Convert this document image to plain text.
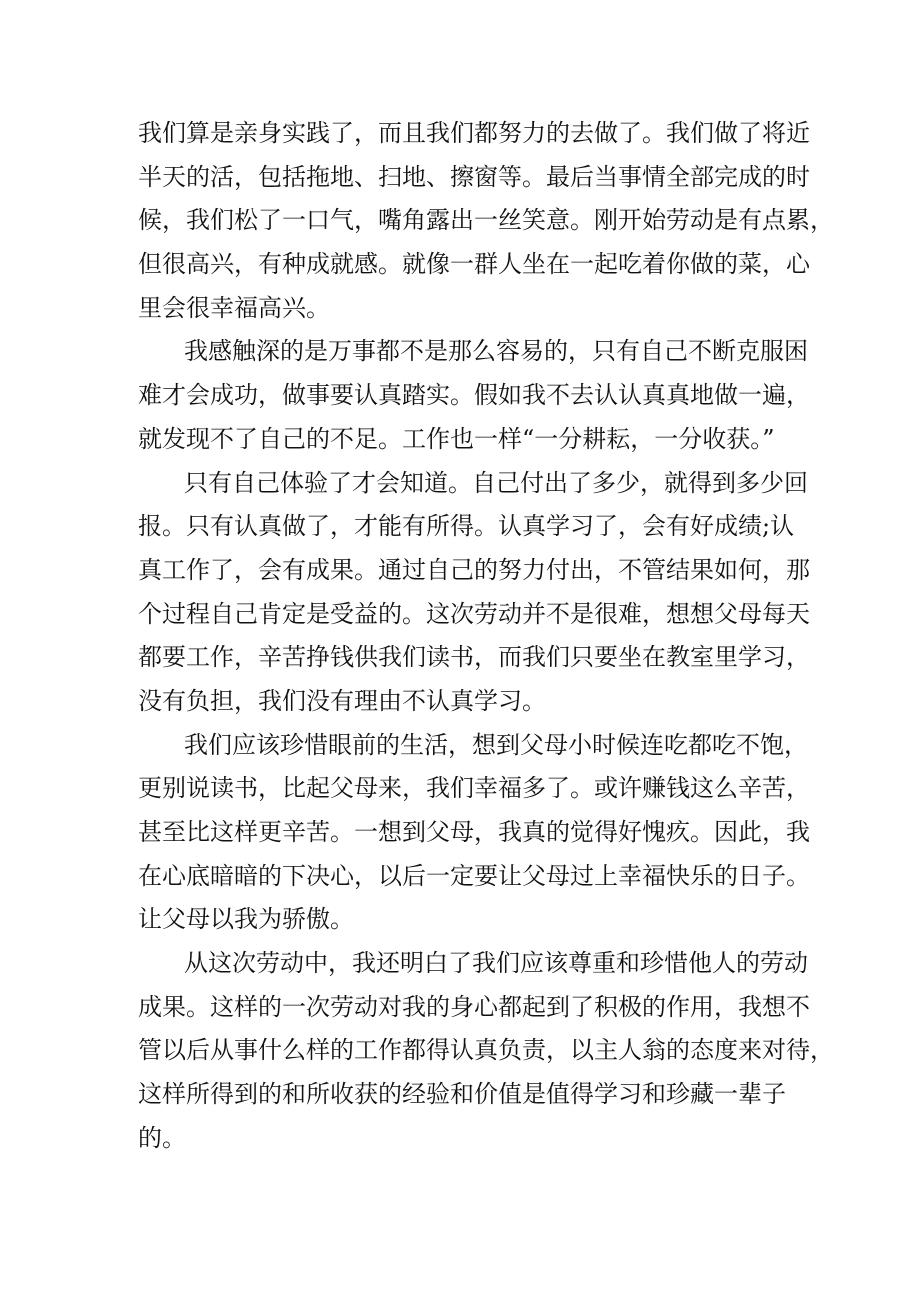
我们算是亲身实践了，而且我们都努力的去做了。我们做了将近
半天的活，包括拖地、扫地、擦窗等。最后当事情全部完成的时
候，我们松了一口气，嘴角露出一丝笑意。刚开始劳动是有点累，
但很高兴，有种成就感。就像一群人坐在一起吃着你做的菜，心
里会很幸福高兴。
我感触深的是万事都不是那么容易的，只有自己不断克服困
难才会成功，做事要认真踏实。假如我不去认认真真地做一遍，
就发现不了自己的不足。工作也一样“一分耕耘，一分收获。”
只有自己体验了才会知道。自己付出了多少，就得到多少回
报。只有认真做了，才能有所得。认真学习了，会有好成绩;认
真工作了，会有成果。通过自己的努力付出，不管结果如何，那
个过程自己肯定是受益的。这次劳动并不是很难，想想父母每天
都要工作，辛苦挣钱供我们读书，而我们只要坐在教室里学习，
没有负担，我们没有理由不认真学习。
我们应该珍惜眼前的生活，想到父母小时候连吃都吃不饱，
更别说读书，比起父母来，我们幸福多了。或许赚钱这么辛苦，
甚至比这样更辛苦。一想到父母，我真的觉得好愧疚。因此，我
在心底暗暗的下决心，以后一定要让父母过上幸福快乐的日子。
让父母以我为骄傲。
从这次劳动中，我还明白了我们应该尊重和珍惜他人的劳动
成果。这样的一次劳动对我的身心都起到了积极的作用，我想不
管以后从事什么样的工作都得认真负责，以主人翁的态度来对待，
这样所得到的和所收获的经验和价值是值得学习和珍藏一辈子
的。
